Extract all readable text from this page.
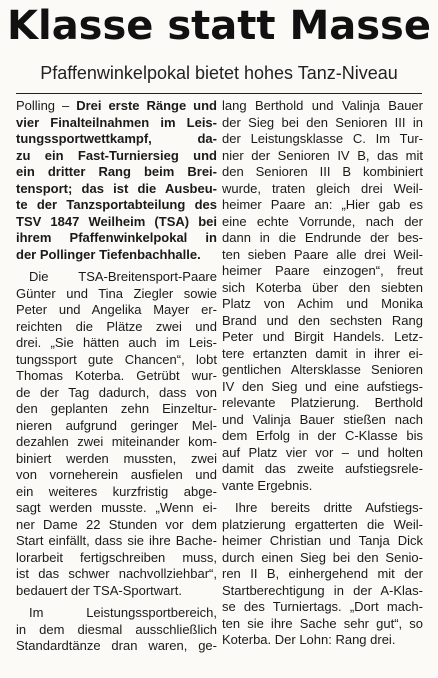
Klasse statt Masse
Pfaffenwinkelpokal bietet hohes Tanz-Niveau
Polling – Drei erste Ränge und
vier Finalteilnahmen im Leis-
tungssportwettkampf, da-
zu ein Fast-Turniersieg und
ein dritter Rang beim Brei-
tensport; das ist die Ausbeu-
te der Tanzsportabteilung des
TSV 1847 Weilheim (TSA) bei
ihrem Pfaffenwinkelpokal in
der Pollinger Tiefenbachhalle.
 Die TSA-Breitensport-Paare
Günter und Tina Ziegler sowie
Peter und Angelika Mayer er-
reichten die Plätze zwei und
drei. „Sie hätten auch im Leis-
tungssport gute Chancen“, lobt
Thomas Koterba. Getrübt wur-
de der Tag dadurch, dass von
den geplanten zehn Einzeltur-
nieren aufgrund geringer Mel-
dezahlen zwei miteinander kom-
biniert werden mussten, zwei
von vorneherein ausfielen und
ein weiteres kurzfristig abge-
sagt werden musste. „Wenn ei-
ner Dame 22 Stunden vor dem
Start einfällt, dass sie ihre Bache-
lorarbeit fertigschreiben muss,
ist das schwer nachvollziehbar“,
bedauert der TSA-Sportwart.
 Im Leistungssportbereich,
in dem diesmal ausschließlich
Standardtänze dran waren, ge-
lang Berthold und Valinja Bauer
der Sieg bei den Senioren III in
der Leistungsklasse C. Im Tur-
nier der Senioren IV B, das mit
den Senioren III B kombiniert
wurde, traten gleich drei Weil-
heimer Paare an: „Hier gab es
eine echte Vorrunde, nach der
dann in die Endrunde der bes-
ten sieben Paare alle drei Weil-
heimer Paare einzogen“, freut
sich Koterba über den siebten
Platz von Achim und Monika
Brand und den sechsten Rang
Peter und Birgit Handels. Letz-
tere ertanzten damit in ihrer ei-
gentlichen Altersklasse Senioren
IV den Sieg und eine aufstiegs-
relevante Platzierung. Berthold
und Valinja Bauer stießen nach
dem Erfolg in der C-Klasse bis
auf Platz vier vor – und holten
damit das zweite aufstiegsrele-
vante Ergebnis.
 Ihre bereits dritte Aufstiegs-
platzierung ergatterten die Weil-
heimer Christian und Tanja Dick
durch einen Sieg bei den Senio-
ren II B, einhergehend mit der
Startberechtigung in der A-Klas-
se des Turniertags. „Dort mach-
ten sie ihre Sache sehr gut“, so
Koterba. Der Lohn: Rang drei.
